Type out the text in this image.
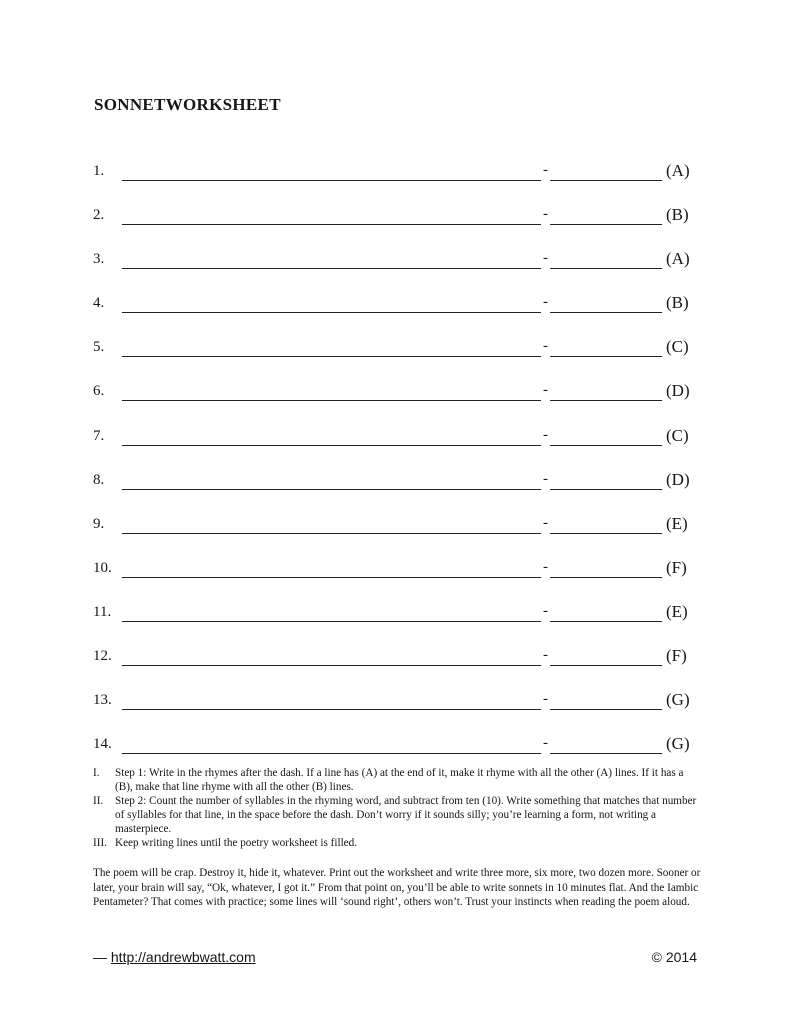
SONNETWORKSHEET
1.	-	(A)
2.	-	(B)
3.	-	(A)
4.	-	(B)
5.	-	(C)
6.	-	(D)
7.	-	(C)
8.	-	(D)
9.	-	(E)
10.	-	(F)
11.	-	(E)
12.	-	(F)
13.	-	(G)
14.	-	(G)
I. Step 1: Write in the rhymes after the dash. If a line has (A) at the end of it, make it rhyme with all the other (A) lines. If it has a (B), make that line rhyme with all the other (B) lines.
II. Step 2: Count the number of syllables in the rhyming word, and subtract from ten (10). Write something that matches that number of syllables for that line, in the space before the dash. Don’t worry if it sounds silly; you’re learning a form, not writing a masterpiece.
III. Keep writing lines until the poetry worksheet is filled.

The poem will be crap. Destroy it, hide it, whatever. Print out the worksheet and write three more, six more, two dozen more. Sooner or later, your brain will say, “Ok, whatever, I got it.” From that point on, you’ll be able to write sonnets in 10 minutes flat. And the Iambic Pentameter? That comes with practice; some lines will ‘sound right’, others won’t. Trust your instincts when reading the poem aloud.

— http://andrewbwatt.com	© 2014
